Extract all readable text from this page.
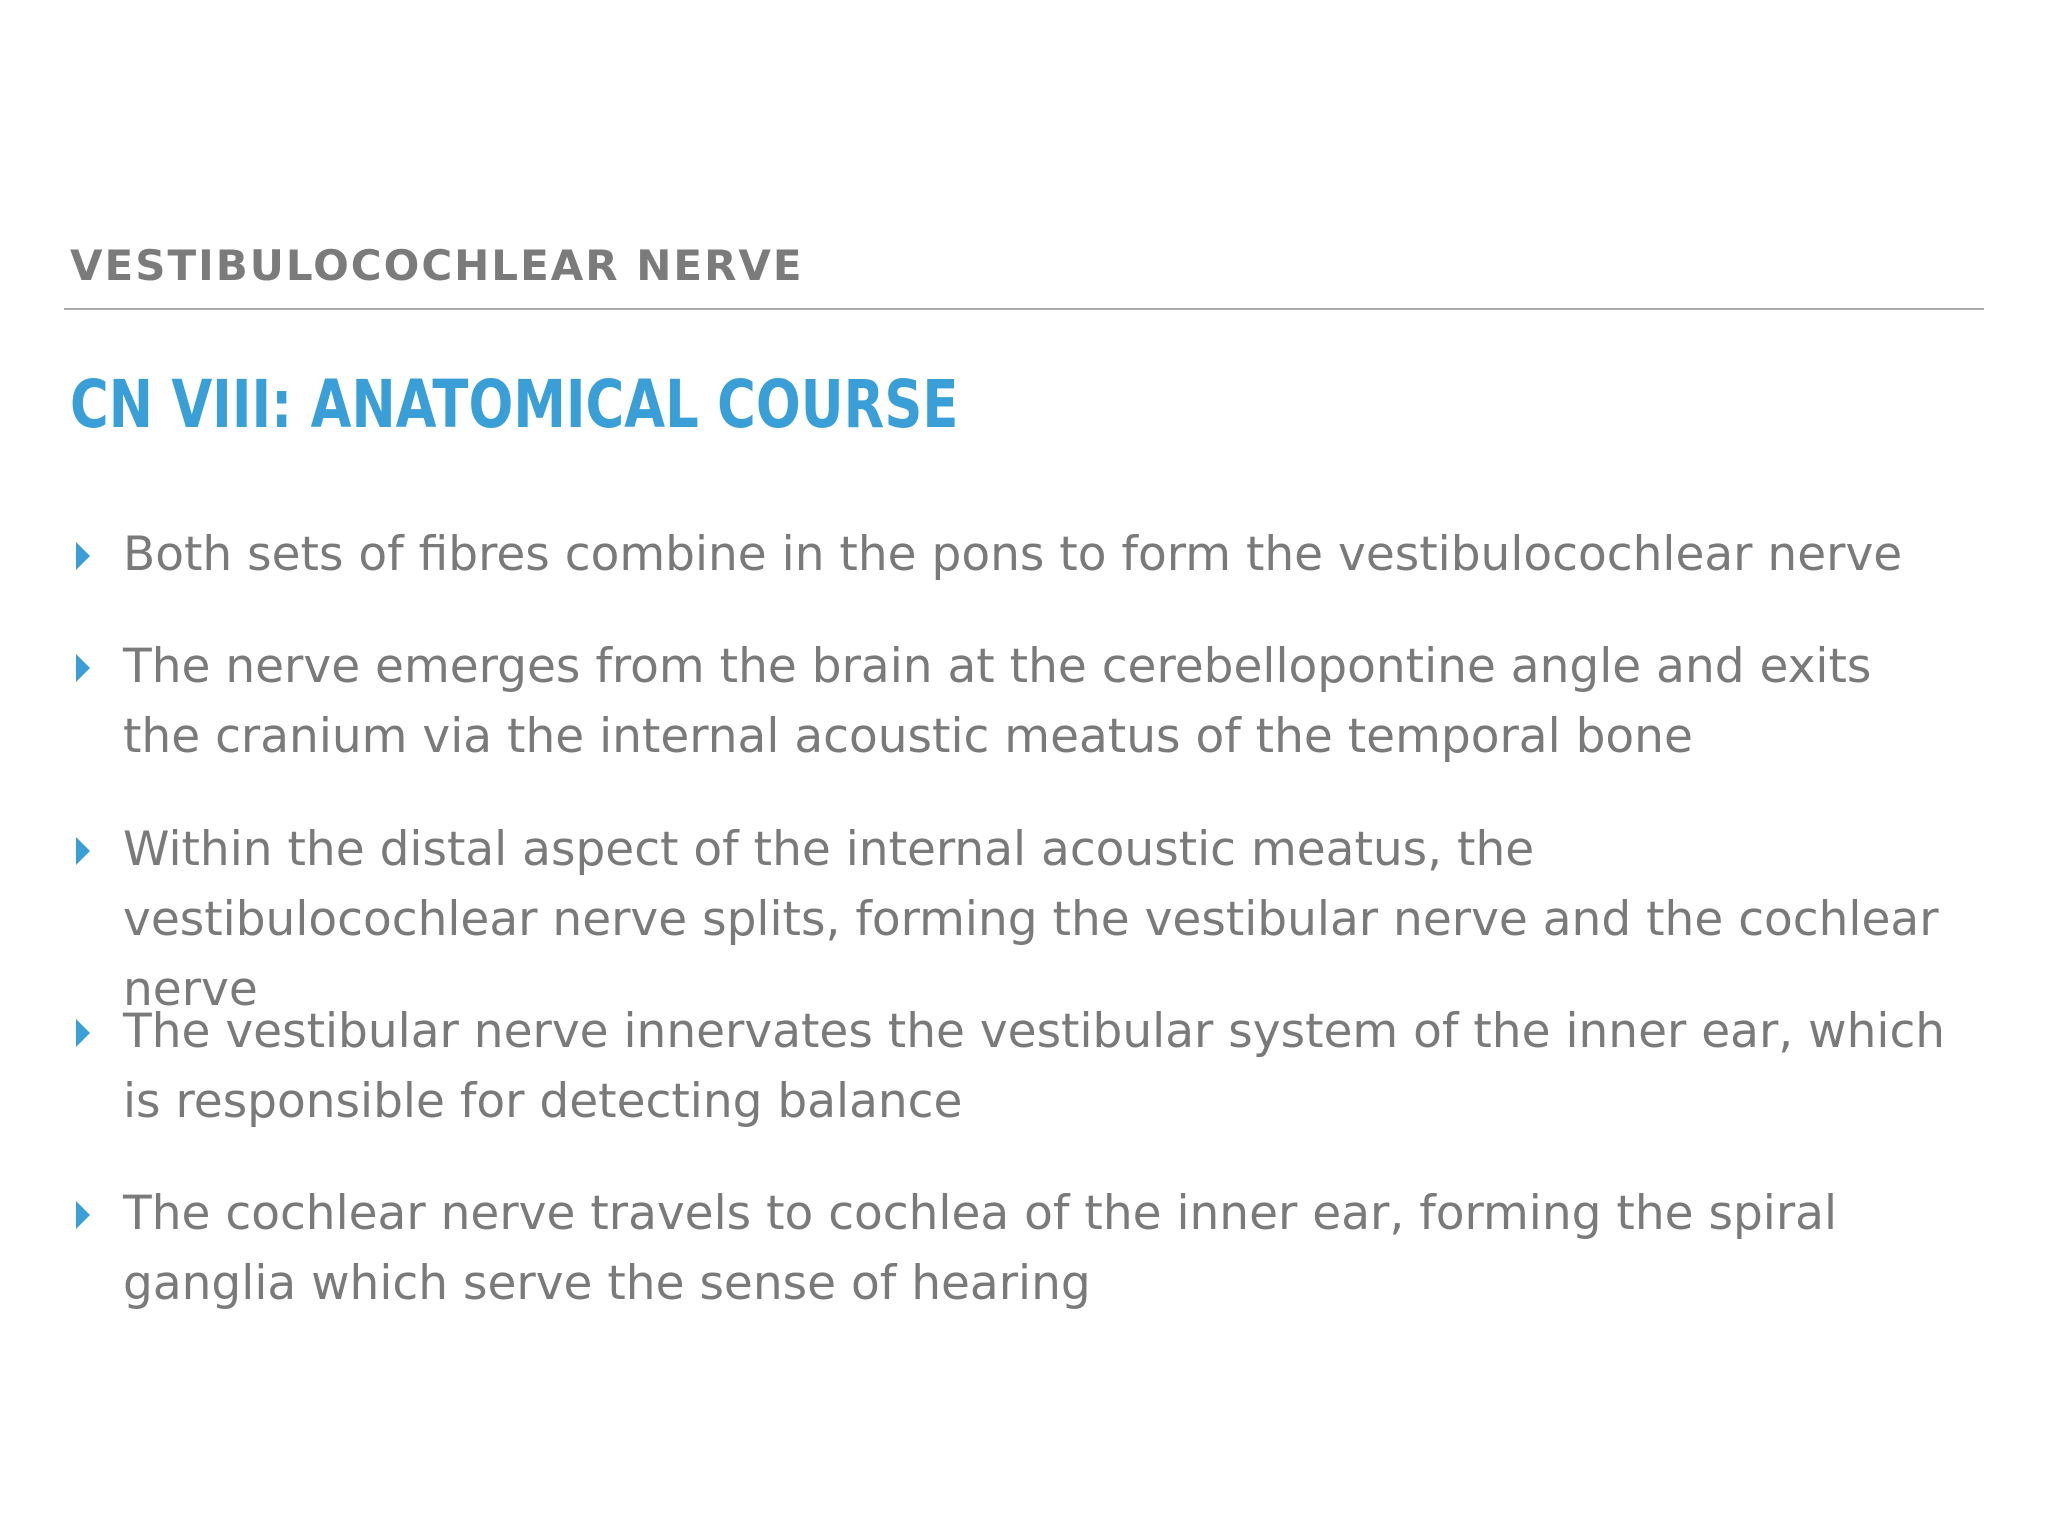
VESTIBULOCOCHLEAR NERVE
CN VIII: ANATOMICAL COURSE

Both sets of fibres combine in the pons to form the vestibulocochlear nerve

The nerve emerges from the brain at the cerebellopontine angle and exits the cranium via the internal acoustic meatus of the temporal bone

Within the distal aspect of the internal acoustic meatus, the vestibulocochlear nerve splits, forming the vestibular nerve and the cochlear nerve

The vestibular nerve innervates the vestibular system of the inner ear, which is responsible for detecting balance

The cochlear nerve travels to cochlea of the inner ear, forming the spiral ganglia which serve the sense of hearing
